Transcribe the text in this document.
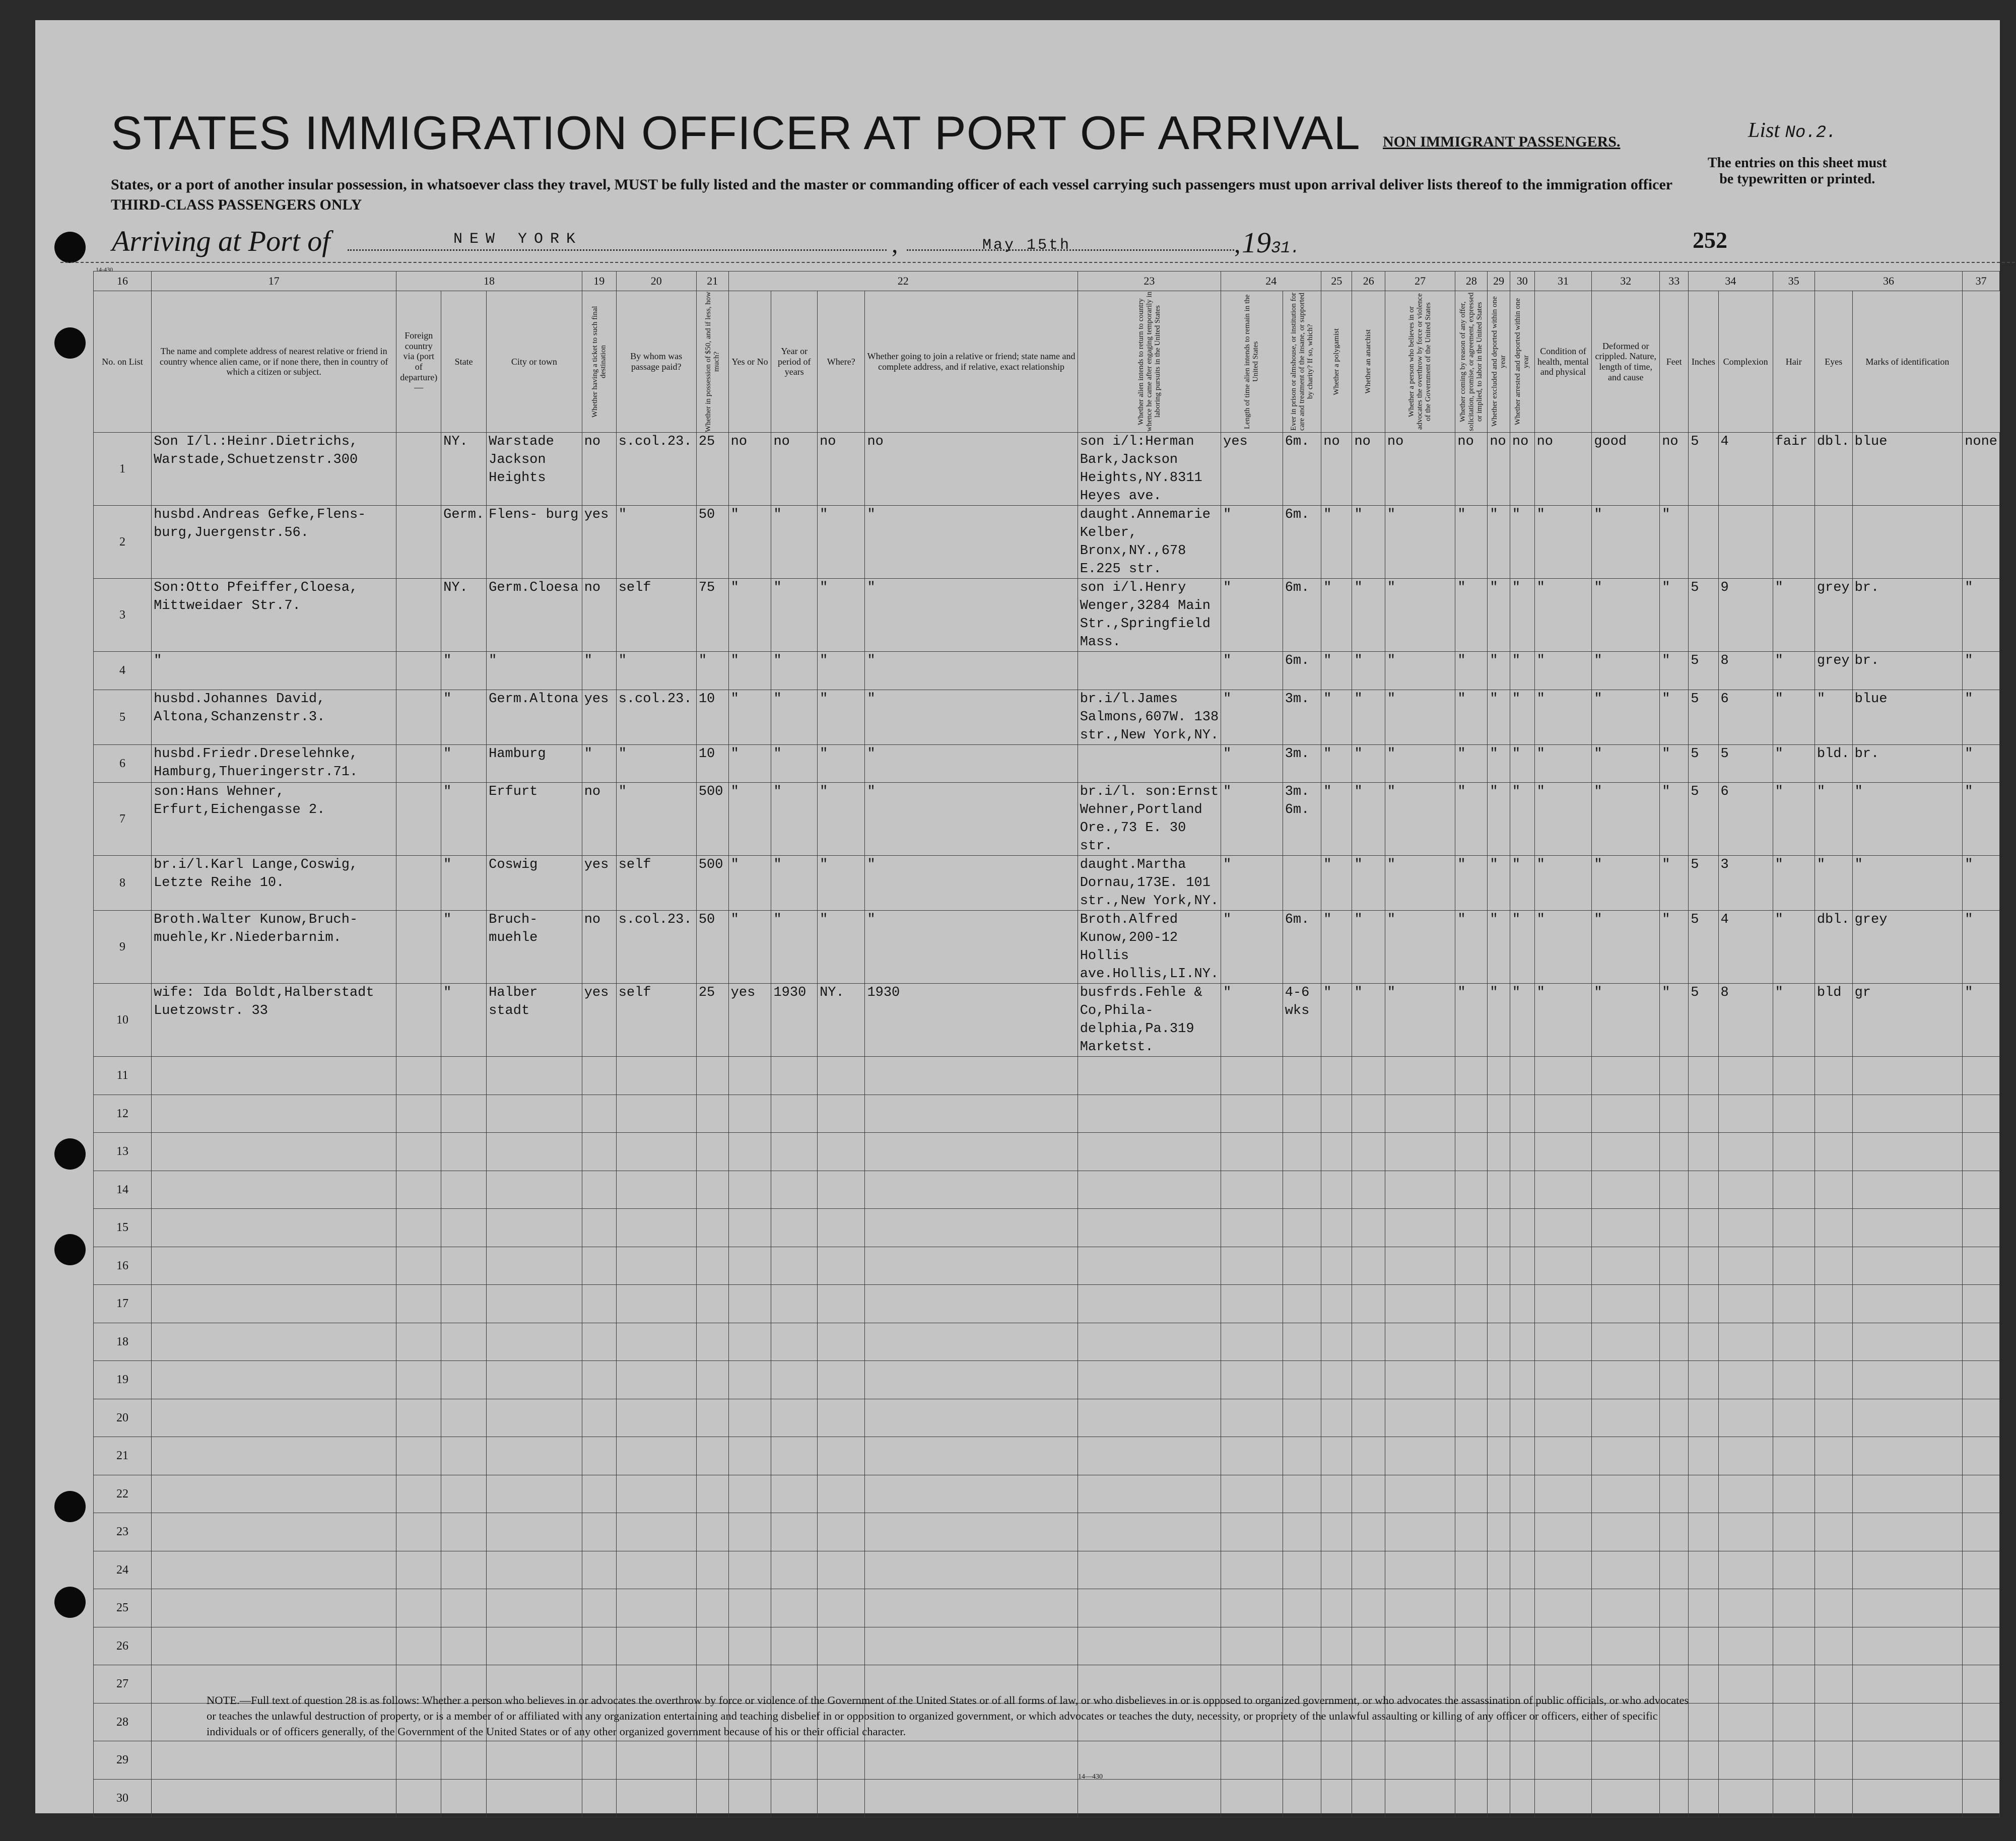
STATES IMMIGRATION OFFICER AT PORT OF ARRIVAL
States, or a port of another insular possession, in whatsoever class they travel, MUST be fully listed and the master or commanding officer of each vessel carrying such passengers must upon arrival deliver lists thereof to the immigration officer
THIRD-CLASS PASSENGERS ONLY
NON IMMIGRANT PASSENGERS.	List No.2.
The entries on this sheet must
be typewritten or printed.
Arriving at Port of	NEW YORK	,	May 15th	, 1931.	252
14-430
16	17	18			19	20	21	22				23	24		25	26	27	28	29	30	31	32	33	34		35	36		37
No. on List	The name and complete address of nearest relative or friend in country whence alien came, or if none there, then in country of which a citizen or subject.	Foreign country via (port of departure)—	State	City or town	Whether having a ticket to such final destination	By whom was passage paid?	Whether in possession of $50, and if less, how much?	Yes or No	Year or period of years	Where?	Whether going to join a relative or friend; state name and complete address, and if relative, exact relationship	Whether alien intends to return to country whence he came after engaging temporarily in laboring pursuits in the United States	Length of time alien intends to remain in the United States	Ever in prison or almshouse, or institution for care and treatment of the insane, or supported by charity? If so, which?	Whether a polygamist	Whether an anarchist	Whether a person who believes in or advocates the overthrow by force or violence of the Government of the United States	Whether coming by reason of any offer, solicitation, promise, or agreement, expressed or implied, to labor in the United States	Whether excluded and deported within one year	Whether arrested and deported within one year	Condition of health, mental and physical	Deformed or crippled. Nature, length of time, and cause	Feet	Inches	Complexion	Hair	Eyes	Marks of identification	
1	Son I/l.:Heinr.Dietrichs, Warstade,Schuetzenstr.300		NY.	Warstade Jackson Heights	no	s.col.23.	25	no	no	no	no	son i/l:Herman Bark,Jackson Heights,NY.8311 Heyes ave.	yes	6m.	no	no	no	no	no	no	no	good	no	5	4	fair	dbl.	blue	none
2	husbd.Andreas Gefke,Flens- burg,Juergenstr.56.		Germ.	Flens- burg	yes	"	50	"	"	"	"	daught.Annemarie Kelber, Bronx,NY.,678 E.225 str.	"	6m.	"	"	"	"	"	"	"	"	"						
3	Son:Otto Pfeiffer,Cloesa, Mittweidaer Str.7.		NY.	Germ.Cloesa	no	self	75	"	"	"	"	son i/l.Henry Wenger,3284 Main Str.,Springfield Mass.	"	6m.	"	"	"	"	"	"	"	"	"	5	9	"	grey	br.	"
4	"		"	"	"	"	"	"	"	"	"		"	6m.	"	"	"	"	"	"	"	"	"	5	8	"	grey	br.	"
5	husbd.Johannes David, Altona,Schanzenstr.3.		"	Germ.Altona	yes	s.col.23.	10	"	"	"	"	br.i/l.James Salmons,607W. 138 str.,New York,NY.	"	3m.	"	"	"	"	"	"	"	"	"	5	6	"	"	blue	"
6	husbd.Friedr.Dreselehnke, Hamburg,Thueringerstr.71.		"	Hamburg	"	"	10	"	"	"	"		"	3m.	"	"	"	"	"	"	"	"	"	5	5	"	bld.	br.	"
7	son:Hans Wehner, Erfurt,Eichengasse 2.		"	Erfurt	no	"	500	"	"	"	"	br.i/l. son:Ernst Wehner,Portland Ore.,73 E. 30 str.	"	3m. 6m.	"	"	"	"	"	"	"	"	"	5	6	"	"	"	"
8	br.i/l.Karl Lange,Coswig, Letzte Reihe 10.		"	Coswig	yes	self	500	"	"	"	"	daught.Martha Dornau,173E. 101 str.,New York,NY.	"		"	"	"	"	"	"	"	"	"	5	3	"	"	"	"
9	Broth.Walter Kunow,Bruch- muehle,Kr.Niederbarnim.		"	Bruch- muehle	no	s.col.23.	50	"	"	"	"	Broth.Alfred Kunow,200-12 Hollis ave.Hollis,LI.NY.	"	6m.	"	"	"	"	"	"	"	"	"	5	4	"	dbl.	grey	"
10	wife: Ida Boldt,Halberstadt Luetzowstr. 33		"	Halber stadt	yes	self	25	yes	1930	NY.	1930	busfrds.Fehle & Co,Phila- delphia,Pa.319 Marketst.	"	4-6 wks	"	"	"	"	"	"	"	"	"	5	8	"	bld	gr	"
11																													
12																													
13																													
14																													
15																													
16																													
17																													
18																													
19																													
20																													
21																													
22																													
23																													
24																													
25																													
26																													
27																													
28																													
29																													
30																													
NOTE.—Full text of question 28 is as follows: Whether a person who believes in or advocates the overthrow by force or violence of the Government of the United States or of all forms of law, or who disbelieves in or is opposed to organized government, or who advocates the assassination of public officials, or who advocates or teaches the unlawful destruction of property, or is a member of or affiliated with any organization entertaining and teaching disbelief in or opposition to organized government, or which advocates or teaches the duty, necessity, or propriety of the unlawful assaulting or killing of any officer or officers, either of specific individuals or of officers generally, of the Government of the United States or of any other organized government because of his or their official character.
14—430
